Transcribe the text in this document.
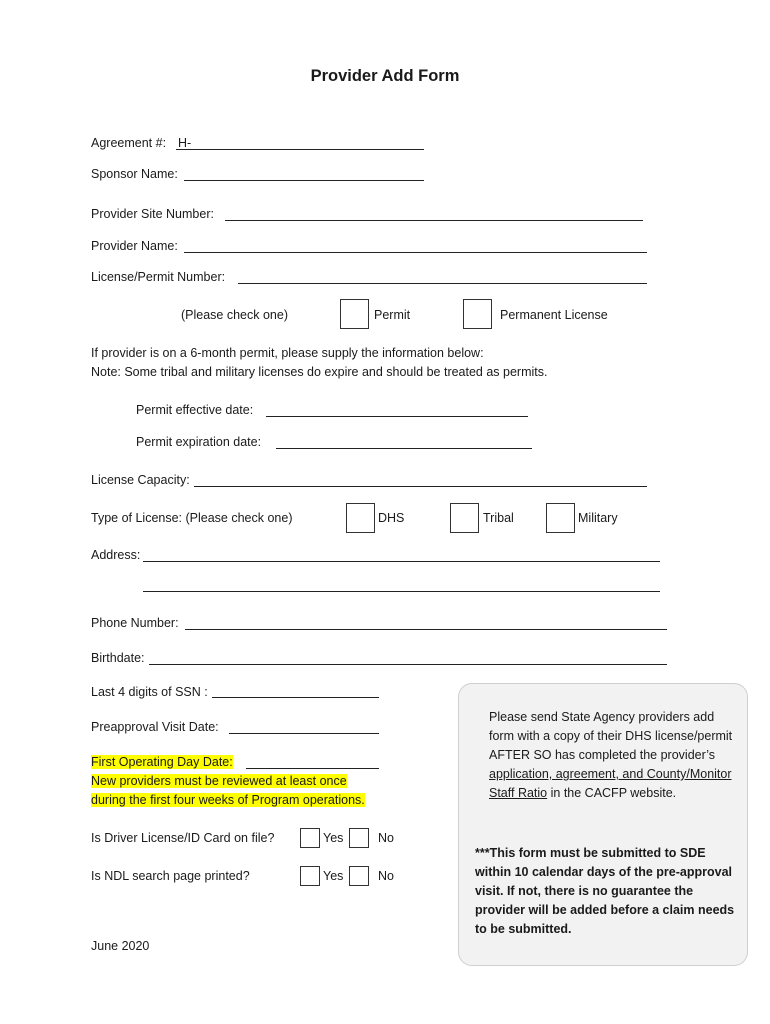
Provider Add Form
Agreement #: H-
Sponsor Name:
Provider Site Number:
Provider Name:
License/Permit Number:
(Please check one)	Permit	Permanent License
If provider is on a 6-month permit, please supply the information below:
Note: Some tribal and military licenses do expire and should be treated as permits.
Permit effective date:
Permit expiration date:
License Capacity:
Type of License: (Please check one)	DHS	Tribal	Military
Address:
Phone Number:
Birthdate:
Last 4 digits of SSN :
Preapproval Visit Date:
First Operating Day Date:
New providers must be reviewed at least once
during the first four weeks of Program operations.
Is Driver License/ID Card on file?	Yes	No
Is NDL search page printed?	Yes	No
June 2020
Please send State Agency providers add form with a copy of their DHS license/permit AFTER SO has completed the provider’s application, agreement, and County/Monitor Staff Ratio in the CACFP website.
***This form must be submitted to SDE within 10 calendar days of the pre-approval visit. If not, there is no guarantee the provider will be added before a claim needs to be submitted.
